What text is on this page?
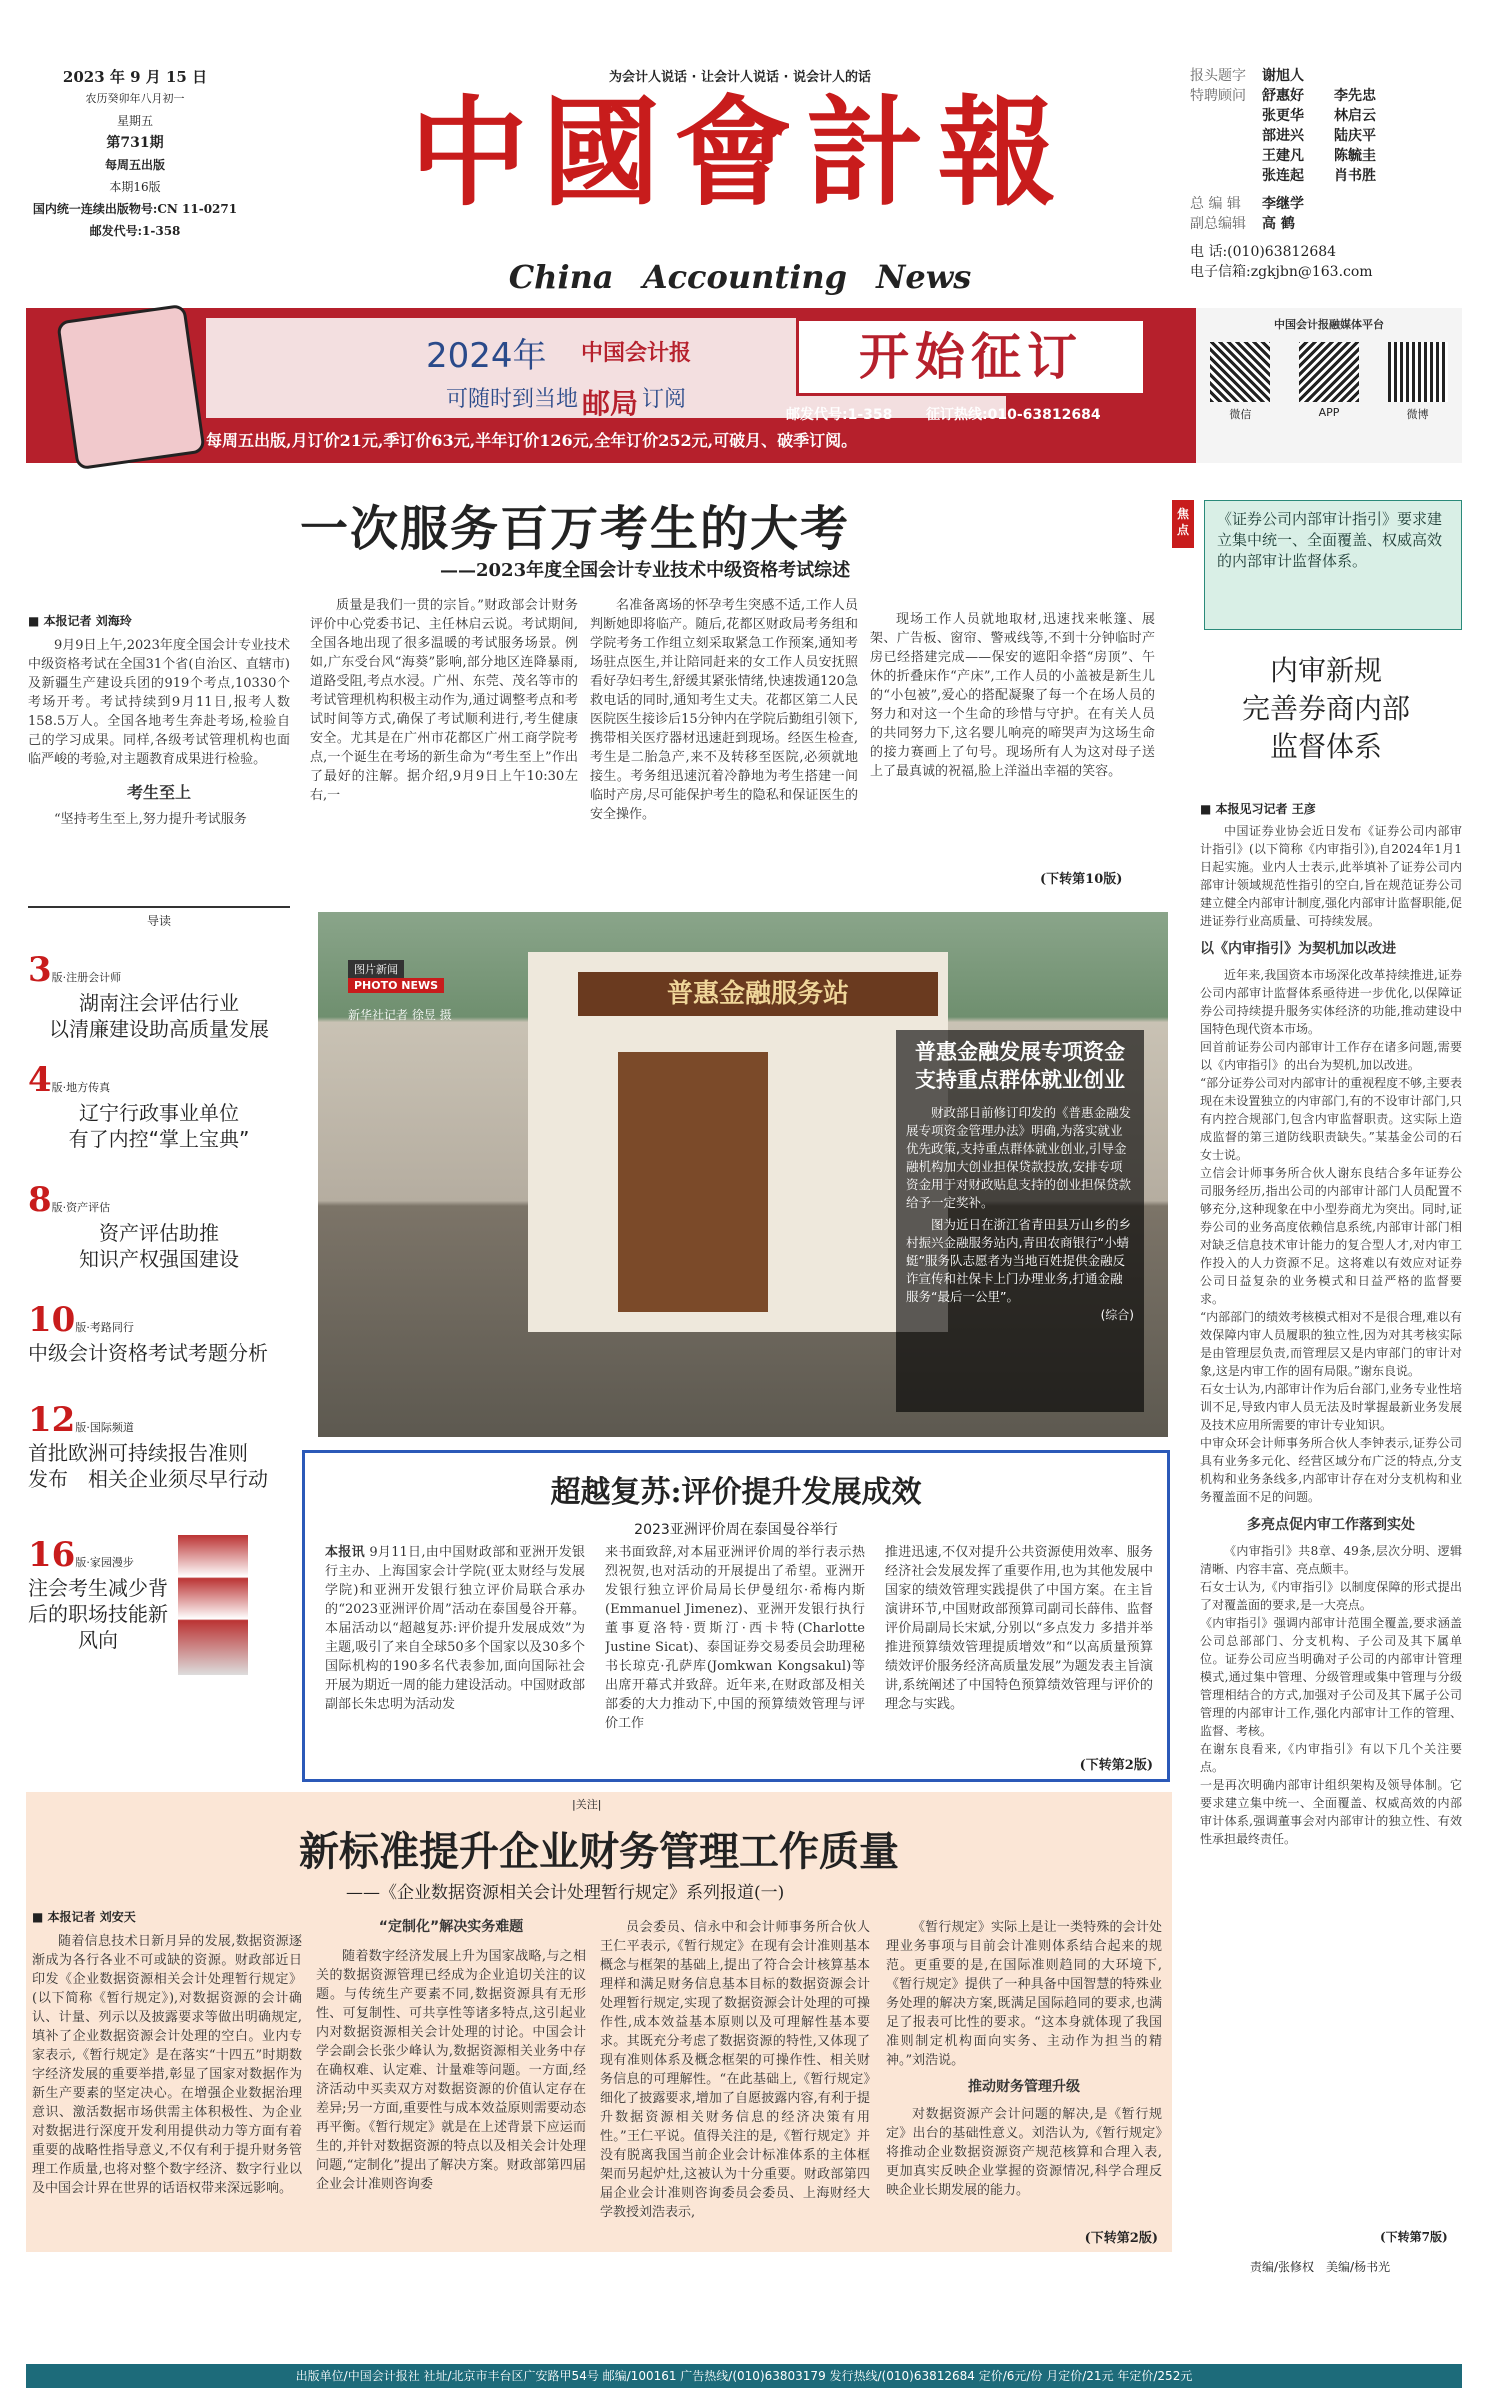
2023 年 9 月 15 日
农历癸卯年八月初一
星期五
第731期
每周五出版
本期16版
国内统一连续出版物号:CN 11-0271
邮发代号:1-358
为会计人说话 · 让会计人说话 · 说会计人的话
中國會計報
China Accounting News
报头题字	谢旭人
特聘顾问	舒惠好	李先忠
张更华	林启云
部进兴	陆庆平
王建凡	陈毓圭
张连起	肖书胜
总 编 辑	李继学
副总编辑	高 鹤
电 话:(010)63812684
电子信箱:zgkjbn@163.com
2024年 中国会计报	开始征订
可随时到当地 邮局 订阅
邮发代号:1-358 征订热线:010-63812684
每周五出版,月订价21元,季订价63元,半年订价126元,全年订价252元,可破月、破季订阅。
中国会计报融媒体平台
微信	APP	微博
一次服务百万考生的大考
——2023年度全国会计专业技术中级资格考试综述
■ 本报记者 刘海玲

9月9日上午,2023年度全国会计专业技术中级资格考试在全国31个省(自治区、直辖市)及新疆生产建设兵团的919个考点,10330个考场开考。考试持续到9月11日,报考人数158.5万人。全国各地考生奔赴考场,检验自己的学习成果。同样,各级考试管理机构也面临严峻的考验,对主题教育成果进行检验。

考生至上

“坚持考生至上,努力提升考试服务

质量是我们一贯的宗旨。”财政部会计财务评价中心党委书记、主任林启云说。考试期间,全国各地出现了很多温暖的考试服务场景。例如,广东受台风“海葵”影响,部分地区连降暴雨,道路受阻,考点水浸。广州、东莞、茂名等市的考试管理机构积极主动作为,通过调整考点和考试时间等方式,确保了考试顺利进行,考生健康安全。尤其是在广州市花都区广州工商学院考点,一个诞生在考场的新生命为“考生至上”作出了最好的注解。据介绍,9月9日上午10:30左右,一

名准备离场的怀孕考生突感不适,工作人员判断她即将临产。随后,花都区财政局考务组和学院考务工作组立刻采取紧急工作预案,通知考场驻点医生,并让陪同赶来的女工作人员安抚照看好孕妇考生,舒缓其紧张情绪,快速拨通120急救电话的同时,通知考生丈夫。花都区第二人民医院医生接诊后15分钟内在学院后勤组引领下,携带相关医疗器材迅速赶到现场。经医生检查,考生是二胎急产,来不及转移至医院,必须就地接生。考务组迅速沉着冷静地为考生搭建一间临时产房,尽可能保护考生的隐私和保证医生的安全操作。

现场工作人员就地取材,迅速找来帐篷、展架、广告板、窗帘、警戒线等,不到十分钟临时产房已经搭建完成——保安的遮阳伞搭“房顶”、午休的折叠床作“产床”,工作人员的小盖被是新生儿的“小包被”,爱心的搭配凝聚了每一个在场人员的努力和对这一个生命的珍惜与守护。在有关人员的共同努力下,这名婴儿响亮的啼哭声为这场生命的接力赛画上了句号。现场所有人为这对母子送上了最真诚的祝福,脸上洋溢出幸福的笑容。

(下转第10版)
导读
3版·注册会计师
湖南注会评估行业
以清廉建设助高质量发展
4版·地方传真
辽宁行政事业单位
有了内控“掌上宝典”
8版·资产评估
资产评估助推
知识产权强国建设
10版·考路同行
中级会计资格考试考题分析
12版·国际频道
首批欧洲可持续报告准则
发布　相关企业须尽早行动
16版·家园漫步
注会考生减少背
后的职场技能新
风向
普惠金融服务站
图片新闻
PHOTO NEWS
新华社记者 徐昱 摄
普惠金融发展专项资金支持重点群体就业创业
财政部日前修订印发的《普惠金融发展专项资金管理办法》明确,为落实就业优先政策,支持重点群体就业创业,引导金融机构加大创业担保贷款投放,安排专项资金用于对财政贴息支持的创业担保贷款给予一定奖补。
图为近日在浙江省青田县万山乡的乡村振兴金融服务站内,青田农商银行“小蜻蜓”服务队志愿者为当地百姓提供金融反诈宣传和社保卡上门办理业务,打通金融服务“最后一公里”。
(综合)
超越复苏:评价提升发展成效
2023亚洲评价周在泰国曼谷举行
本报讯 9月11日,由中国财政部和亚洲开发银行主办、上海国家会计学院(亚太财经与发展学院)和亚洲开发银行独立评价局联合承办的“2023亚洲评价周”活动在泰国曼谷开幕。本届活动以“超越复苏:评价提升发展成效”为主题,吸引了来自全球50多个国家以及30多个国际机构的190多名代表参加,面向国际社会开展为期近一周的能力建设活动。中国财政部副部长朱忠明为活动发
来书面致辞,对本届亚洲评价周的举行表示热烈祝贺,也对活动的开展提出了希望。亚洲开发银行独立评价局局长伊曼纽尔·希梅内斯(Emmanuel Jimenez)、亚洲开发银行执行董事夏洛特·贾斯汀·西卡特(Charlotte Justine Sicat)、泰国证券交易委员会助理秘书长琼克·孔萨库(Jomkwan Kongsakul)等出席开幕式并致辞。近年来,在财政部及相关部委的大力推动下,中国的预算绩效管理与评价工作
推进迅速,不仅对提升公共资源使用效率、服务经济社会发展发挥了重要作用,也为其他发展中国家的绩效管理实践提供了中国方案。在主旨演讲环节,中国财政部预算司副司长薛伟、监督评价局副局长宋斌,分别以“多点发力 多措并举 推进预算绩效管理提质增效”和“以高质量预算绩效评价服务经济高质量发展”为题发表主旨演讲,系统阐述了中国特色预算绩效管理与评价的理念与实践。
(下转第2版)
焦点
《证券公司内部审计指引》要求建立集中统一、全面覆盖、权威高效的内部审计监督体系。
内审新规
完善券商内部
监督体系
■ 本报见习记者 王彦
中国证券业协会近日发布《证券公司内部审计指引》(以下简称《内审指引》),自2024年1月1日起实施。业内人士表示,此举填补了证券公司内部审计领域规范性指引的空白,旨在规范证券公司建立健全内部审计制度,强化内部审计监督职能,促进证券行业高质量、可持续发展。
以《内审指引》为契机加以改进
近年来,我国资本市场深化改革持续推进,证券公司内部审计监督体系亟待进一步优化,以保障证券公司持续提升服务实体经济的功能,推动建设中国特色现代资本市场。
回首前证券公司内部审计工作存在诸多问题,需要以《内审指引》的出台为契机,加以改进。
“部分证券公司对内部审计的重视程度不够,主要表现在未设置独立的内审部门,有的不设审计部门,只有内控合规部门,包含内审监督职责。这实际上造成监督的第三道防线职责缺失。”某基金公司的石女士说。
立信会计师事务所合伙人谢东良结合多年证券公司服务经历,指出公司的内部审计部门人员配置不够充分,这种现象在中小型券商尤为突出。同时,证券公司的业务高度依赖信息系统,内部审计部门相对缺乏信息技术审计能力的复合型人才,对内审工作投入的人力资源不足。这将难以有效应对证券公司日益复杂的业务模式和日益严格的监督要求。
“内部部门的绩效考核模式相对不是很合理,难以有效保障内审人员履职的独立性,因为对其考核实际是由管理层负责,而管理层又是内审部门的审计对象,这是内审工作的固有局限。”谢东良说。
石女士认为,内部审计作为后台部门,业务专业性培训不足,导致内审人员无法及时掌握最新业务发展及技术应用所需要的审计专业知识。
中审众环会计师事务所合伙人李钟表示,证券公司具有业务多元化、经营区域分布广泛的特点,分支机构和业务条线多,内部审计存在对分支机构和业务覆盖面不足的问题。
多亮点促内审工作落到实处
《内审指引》共8章、49条,层次分明、逻辑清晰、内容丰富、亮点颇丰。
石女士认为,《内审指引》以制度保障的形式提出了对覆盖面的要求,是一大亮点。
《内审指引》强调内部审计范围全覆盖,要求涵盖公司总部部门、分支机构、子公司及其下属单位。证券公司应当明确对子公司的内部审计管理模式,通过集中管理、分级管理或集中管理与分级管理相结合的方式,加强对子公司及其下属子公司管理的内部审计工作,强化内部审计工作的管理、监督、考核。
在谢东良看来,《内审指引》有以下几个关注要点。
一是再次明确内部审计组织架构及领导体制。它要求建立集中统一、全面覆盖、权威高效的内部审计体系,强调董事会对内部审计的独立性、有效性承担最终责任。
(下转第7版)
|关注|
新标准提升企业财务管理工作质量
——《企业数据资源相关会计处理暂行规定》系列报道(一)
■ 本报记者 刘安天

随着信息技术日新月异的发展,数据资源逐渐成为各行各业不可或缺的资源。财政部近日印发《企业数据资源相关会计处理暂行规定》(以下简称《暂行规定》),对数据资源的会计确认、计量、列示以及披露要求等做出明确规定,填补了企业数据资源会计处理的空白。业内专家表示,《暂行规定》是在落实“十四五”时期数字经济发展的重要举措,彰显了国家对数据作为新生产要素的坚定决心。在增强企业数据治理意识、激活数据市场供需主体积极性、为企业对数据进行深度开发利用提供动力等方面有着重要的战略性指导意义,不仅有利于提升财务管理工作质量,也将对整个数字经济、数字行业以及中国会计界在世界的话语权带来深远影响。

“定制化”解决实务难题

随着数字经济发展上升为国家战略,与之相关的数据资源管理已经成为企业追切关注的议题。与传统生产要素不同,数据资源具有无形性、可复制性、可共享性等诸多特点,这引起业内对数据资源相关会计处理的讨论。中国会计学会副会长张少峰认为,数据资源相关业务中存在确权难、认定难、计量难等问题。一方面,经济活动中买卖双方对数据资源的价值认定存在差异;另一方面,重要性与成本效益原则需要动态再平衡。《暂行规定》就是在上述背景下应运而生的,并针对数据资源的特点以及相关会计处理问题,“定制化”提出了解决方案。财政部第四届企业会计准则咨询委

员会委员、信永中和会计师事务所合伙人王仁平表示,《暂行规定》在现有会计准则基本概念与框架的基础上,提出了符合会计核算基本理样和满足财务信息基本目标的数据资源会计处理暂行规定,实现了数据资源会计处理的可操作性,成本效益基本原则以及可理解性基本要求。其既充分考虑了数据资源的特性,又体现了现有准则体系及概念框架的可操作性、相关财务信息的可理解性。“在此基础上,《暂行规定》细化了披露要求,增加了自愿披露内容,有利于提升数据资源相关财务信息的经济决策有用性。”王仁平说。值得关注的是,《暂行规定》并没有脱离我国当前企业会计标准体系的主体框架而另起炉灶,这被认为十分重要。财政部第四届企业会计准则咨询委员会委员、上海财经大学教授刘浩表示,

《暂行规定》实际上是让一类特殊的会计处理业务事项与目前会计准则体系结合起来的规范。更重要的是,在国际准则趋同的大环境下,《暂行规定》提供了一种具备中国智慧的特殊业务处理的解决方案,既满足国际趋同的要求,也满足了报表可比性的要求。“这本身就体现了我国准则制定机构面向实务、主动作为担当的精神。”刘浩说。

推动财务管理升级

对数据资源产会计问题的解决,是《暂行规定》出台的基础性意义。刘浩认为,《暂行规定》将推动企业数据资源资产规范核算和合理入表,更加真实反映企业掌握的资源情况,科学合理反映企业长期发展的能力。

(下转第2版)
责编/张修权　美编/杨书光
出版单位/中国会计报社 社址/北京市丰台区广安路甲54号 邮编/100161 广告热线/(010)63803179 发行热线/(010)63812684 定价/6元/份 月定价/21元 年定价/252元
